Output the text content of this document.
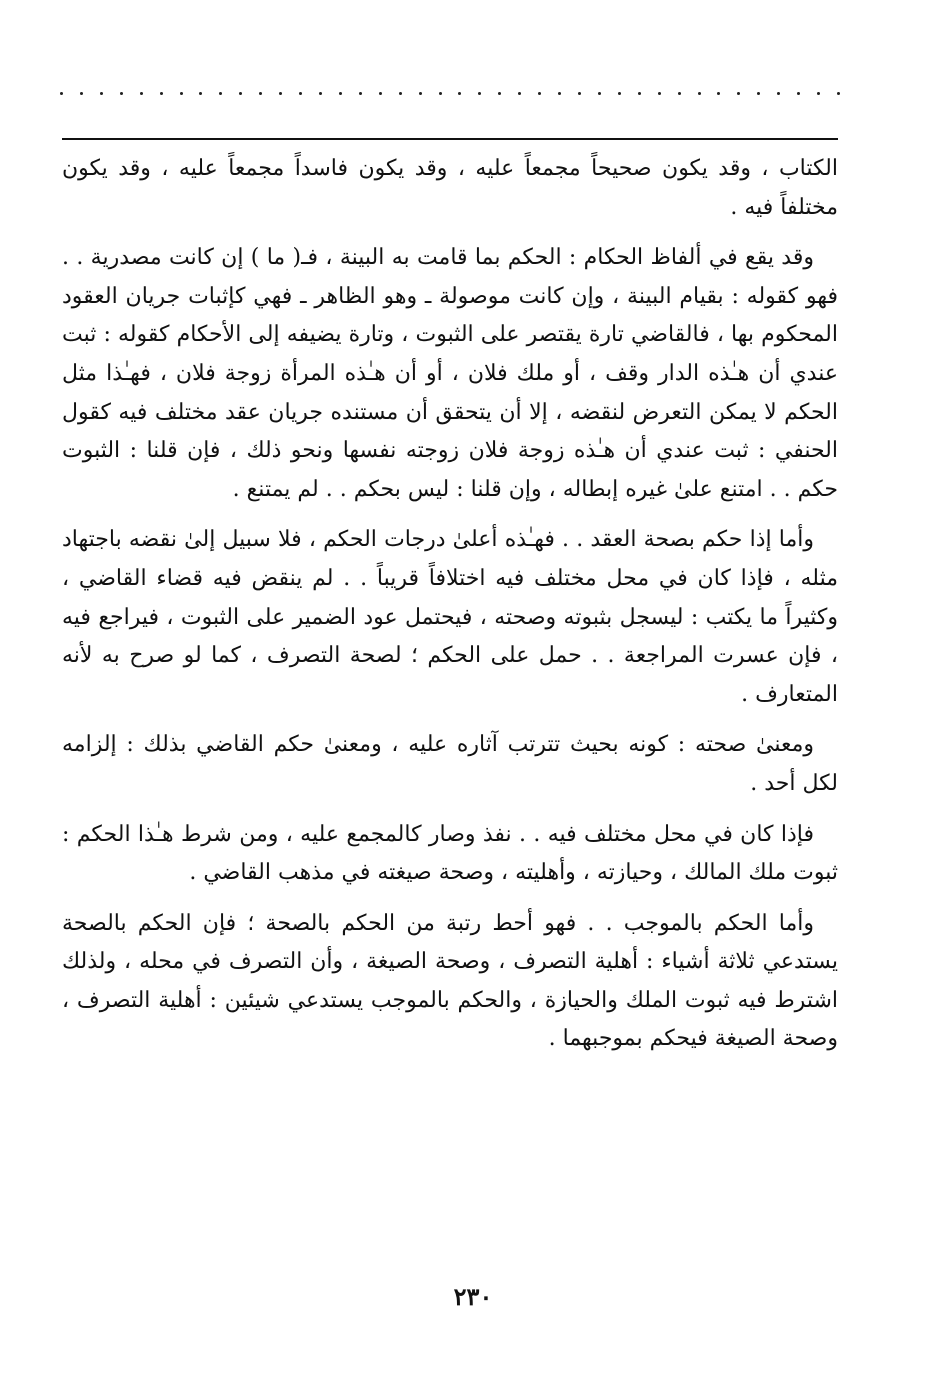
الكتاب ، وقد يكون صحيحاً مجمعاً عليه ، وقد يكون فاسداً مجمعاً عليه ، وقد يكون مختلفاً فيه .

وقد يقع في ألفاظ الحكام : الحكم بما قامت به البينة ، فـ( ما ) إن كانت مصدرية . . فهو كقوله : بقيام البينة ، وإن كانت موصولة ـ وهو الظاهر ـ فهي كإثبات جريان العقود المحكوم بها ، فالقاضي تارة يقتصر على الثبوت ، وتارة يضيفه إلى الأحكام كقوله : ثبت عندي أن هـٰذه الدار وقف ، أو ملك فلان ، أو أن هـٰذه المرأة زوجة فلان ، فهـٰذا مثل الحكم لا يمكن التعرض لنقضه ، إلا أن يتحقق أن مستنده جريان عقد مختلف فيه كقول الحنفي : ثبت عندي أن هـٰذه زوجة فلان زوجته نفسها ونحو ذلك ، فإن قلنا : الثبوت حكم . . امتنع علىٰ غيره إبطاله ، وإن قلنا : ليس بحكم . . لم يمتنع .

وأما إذا حكم بصحة العقد . . فهـٰذه أعلىٰ درجات الحكم ، فلا سبيل إلىٰ نقضه باجتهاد مثله ، فإذا كان في محل مختلف فيه اختلافاً قريباً . . لم ينقض فيه قضاء القاضي ، وكثيراً ما يكتب : ليسجل بثبوته وصحته ، فيحتمل عود الضمير على الثبوت ، فيراجع فيه ، فإن عسرت المراجعة . . حمل على الحكم ؛ لصحة التصرف ، كما لو صرح به لأنه المتعارف .

ومعنىٰ صحته : كونه بحيث تترتب آثاره عليه ، ومعنىٰ حكم القاضي بذلك : إلزامه لكل أحد .

فإذا كان في محل مختلف فيه . . نفذ وصار كالمجمع عليه ، ومن شرط هـٰذا الحكم : ثبوت ملك المالك ، وحيازته ، وأهليته ، وصحة صيغته في مذهب القاضي .

وأما الحكم بالموجب . . فهو أحط رتبة من الحكم بالصحة ؛ فإن الحكم بالصحة يستدعي ثلاثة أشياء : أهلية التصرف ، وصحة الصيغة ، وأن التصرف في محله ، ولذلك اشترط فيه ثبوت الملك والحيازة ، والحكم بالموجب يستدعي شيئين : أهلية التصرف ، وصحة الصيغة فيحكم بموجبهما .

٢٣٠
